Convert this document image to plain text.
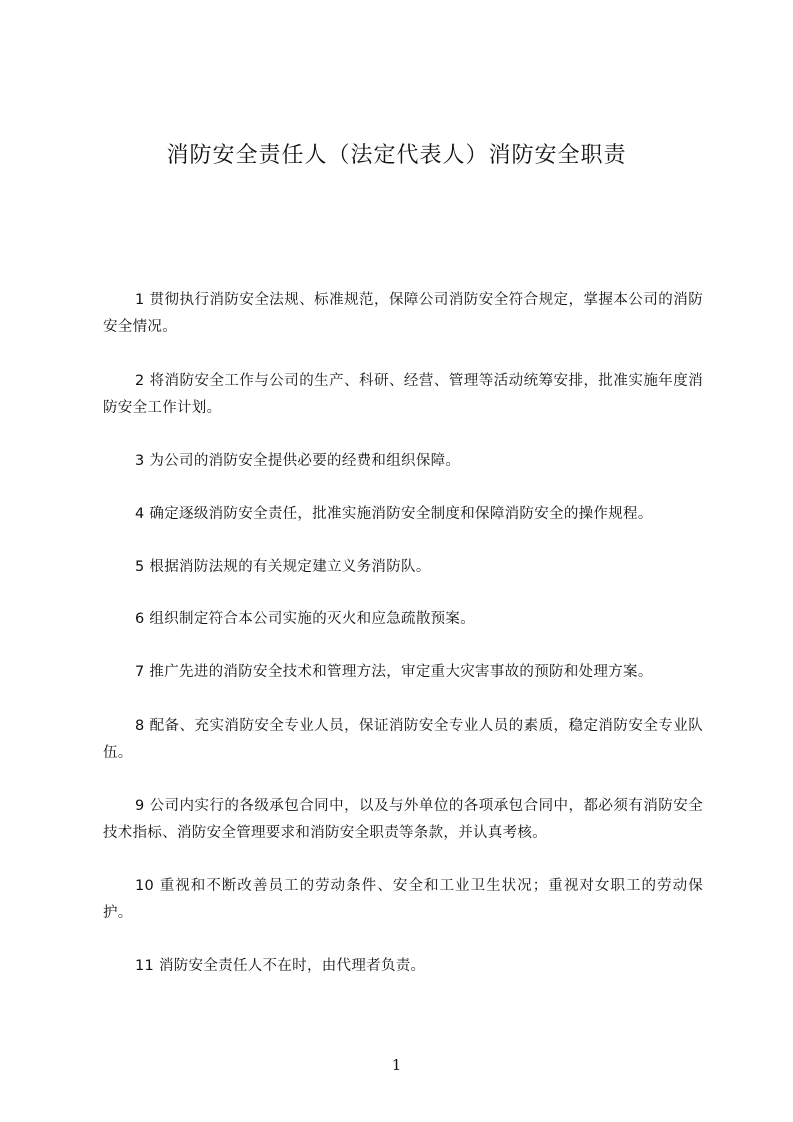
消防安全责任人（法定代表人）消防安全职责

1 贯彻执行消防安全法规、标准规范，保障公司消防安全符合规定，掌握本公司的消防安全情况。

2 将消防安全工作与公司的生产、科研、经营、管理等活动统筹安排，批准实施年度消防安全工作计划。

3 为公司的消防安全提供必要的经费和组织保障。

4 确定逐级消防安全责任，批准实施消防安全制度和保障消防安全的操作规程。

5 根据消防法规的有关规定建立义务消防队。

6 组织制定符合本公司实施的灭火和应急疏散预案。

7 推广先进的消防安全技术和管理方法，审定重大灾害事故的预防和处理方案。

8 配备、充实消防安全专业人员，保证消防安全专业人员的素质，稳定消防安全专业队伍。

9 公司内实行的各级承包合同中，以及与外单位的各项承包合同中，都必须有消防安全技术指标、消防安全管理要求和消防安全职责等条款，并认真考核。

10 重视和不断改善员工的劳动条件、安全和工业卫生状况；重视对女职工的劳动保护。

11 消防安全责任人不在时，由代理者负责。

1
